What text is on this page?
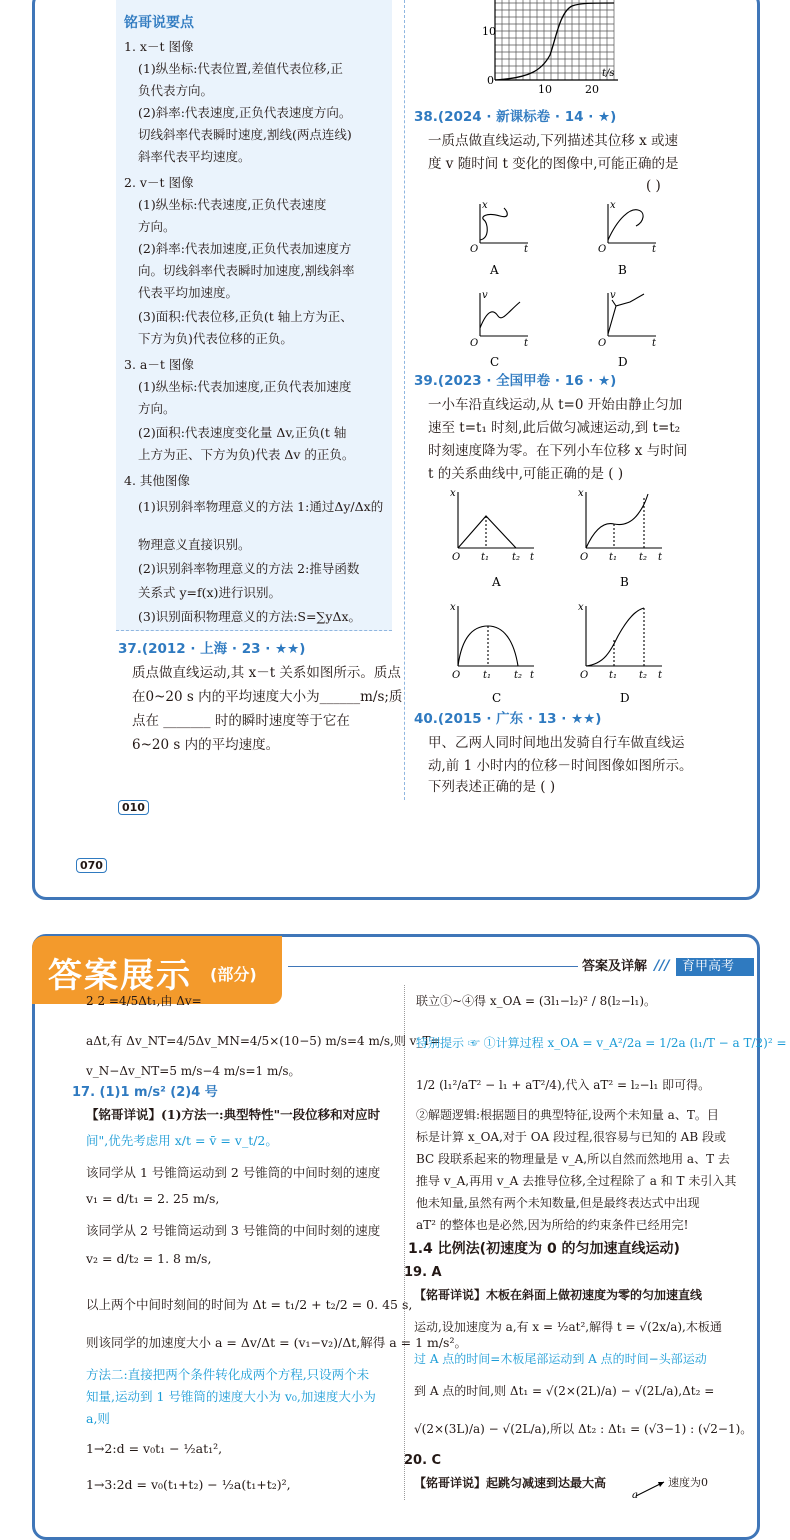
铭哥说要点
1. x－t 图像
(1)纵坐标:代表位置,差值代表位移,正
负代表方向。
(2)斜率:代表速度,正负代表速度方向。
切线斜率代表瞬时速度,割线(两点连线)
斜率代表平均速度。
2. v－t 图像
(1)纵坐标:代表速度,正负代表速度
方向。
(2)斜率:代表加速度,正负代表加速度方
向。切线斜率代表瞬时加速度,割线斜率
代表平均加速度。
(3)面积:代表位移,正负(t 轴上方为正、
下方为负)代表位移的正负。
3. a－t 图像
(1)纵坐标:代表加速度,正负代表加速度
方向。
(2)面积:代表速度变化量 Δv,正负(t 轴
上方为正、下方为负)代表 Δv 的正负。
4. 其他图像
(1)识别斜率物理意义的方法 1:通过Δy/Δx的
物理意义直接识别。
(2)识别斜率物理意义的方法 2:推导函数
关系式 y=f(x)进行识别。
(3)识别面积物理意义的方法:S=∑yΔx。
37.(2012 · 上海 · 23 · ★★)
质点做直线运动,其 x－t 关系如图所示。质点
在0~20 s 内的平均速度大小为______m/s;质
点在 _______ 时的瞬时速度等于它在
6~20 s 内的平均速度。
10
0
10	20
t/s
38.(2024 · 新课标卷 · 14 · ★)
一质点做直线运动,下列描述其位移 x 或速
度 v 随时间 t 变化的图像中,可能正确的是
( )
O
x
t
A
O
x
t
B
O
v
t
C
O
v
t
D
39.(2023 · 全国甲卷 · 16 · ★)
一小车沿直线运动,从 t=0 开始由静止匀加
速至 t=t₁ 时刻,此后做匀减速运动,到 t=t₂
时刻速度降为零。在下列小车位移 x 与时间
t 的关系曲线中,可能正确的是 ( )
x
O t₁ t₂ t
A
x
O t₁ t₂ t
B
x
O t₁ t₂ t
C
x
O t₁ t₂ t
D
40.(2015 · 广东 · 13 · ★★)
甲、乙两人同时间地出发骑自行车做直线运
动,前 1 小时内的位移－时间图像如图所示。
下列表述正确的是 ( )
010
070
答案展示 (部分)	答案及详解 /// 育甲高考
2 2 =4/5Δt₁,由 Δv=
aΔt,有 Δv_NT=4/5Δv_MN=4/5×(10−5) m/s=4 m/s,则 v_T=
v_N−Δv_NT=5 m/s−4 m/s=1 m/s。
17. (1)1 m/s² (2)4 号
【铭哥详说】(1)方法一:典型特性"一段位移和对应时
间",优先考虑用 x/t = v̄ = v_t/2。
该同学从 1 号锥筒运动到 2 号锥筒的中间时刻的速度
v₁ = d/t₁ = 2. 25 m/s,
该同学从 2 号锥筒运动到 3 号锥筒的中间时刻的速度
v₂ = d/t₂ = 1. 8 m/s,
以上两个中间时刻间的时间为 Δt = t₁/2 + t₂/2 = 0. 45 s,
则该同学的加速度大小 a = Δv/Δt = (v₁−v₂)/Δt,解得 a = 1 m/s²。
方法二:直接把两个条件转化成两个方程,只设两个未
知量,运动到 1 号锥筒的速度大小为 v₀,加速度大小为
a,则
1→2:d = v₀t₁ − ½at₁²,
1→3:2d = v₀(t₁+t₂) − ½a(t₁+t₂)²,
联立①~④得 x_OA = (3l₁−l₂)² / 8(l₂−l₁)。
特别提示 ☞ ①计算过程 x_OA = v_A²/2a = 1/2a (l₁/T − a T/2)² =
1/2 (l₁²/aT² − l₁ + aT²/4),代入 aT² = l₂−l₁ 即可得。
②解题逻辑:根据题目的典型特征,设两个未知量 a、T。目
标是计算 x_OA,对于 OA 段过程,很容易与已知的 AB 段或
BC 段联系起来的物理量是 v_A,所以自然而然地用 a、T 去
推导 v_A,再用 v_A 去推导位移,全过程除了 a 和 T 未引入其
他未知量,虽然有两个未知数量,但是最终表达式中出现
aT² 的整体也是必然,因为所给的约束条件已经用完!
1.4 比例法(初速度为 0 的匀加速直线运动)
19. A
【铭哥详说】木板在斜面上做初速度为零的匀加速直线
运动,设加速度为 a,有 x = ½at²,解得 t = √(2x/a),木板通
过 A 点的时间=木板尾部运动到 A 点的时间−头部运动
到 A 点的时间,则 Δt₁ = √(2×(2L)/a) − √(2L/a),Δt₂ =
√(2×(3L)/a) − √(2L/a),所以 Δt₂ : Δt₁ = (√3−1) : (√2−1)。
20. C
【铭哥详说】起跳匀减速到达最大高	速度为0
a
